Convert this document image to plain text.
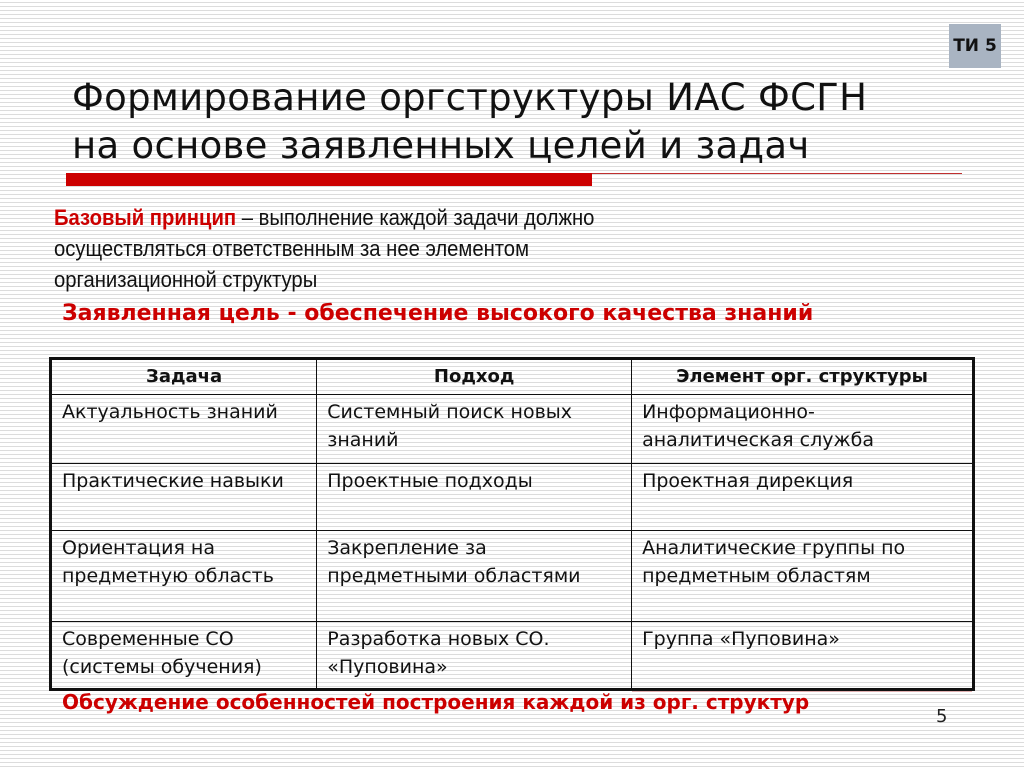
ТИ 5
Формирование оргструктуры ИАС ФСГН
на основе заявленных целей и задач
Базовый принцип – выполнение каждой задачи должно
осуществляться ответственным за нее элементом
организационной структуры
Заявленная цель - обеспечение высокого качества знаний
Задача	Подход	Элемент орг. структуры
Актуальность знаний	Системный поиск новых знаний	Информационно-аналитическая служба
Практические навыки	Проектные подходы	Проектная дирекция
Ориентация на предметную область	Закрепление за предметными областями	Аналитические группы по предметным областям
Современные СО (системы обучения)	Разработка новых СО. «Пуповина»	Группа «Пуповина»
Обсуждение особенностей построения каждой из орг. структур
5
